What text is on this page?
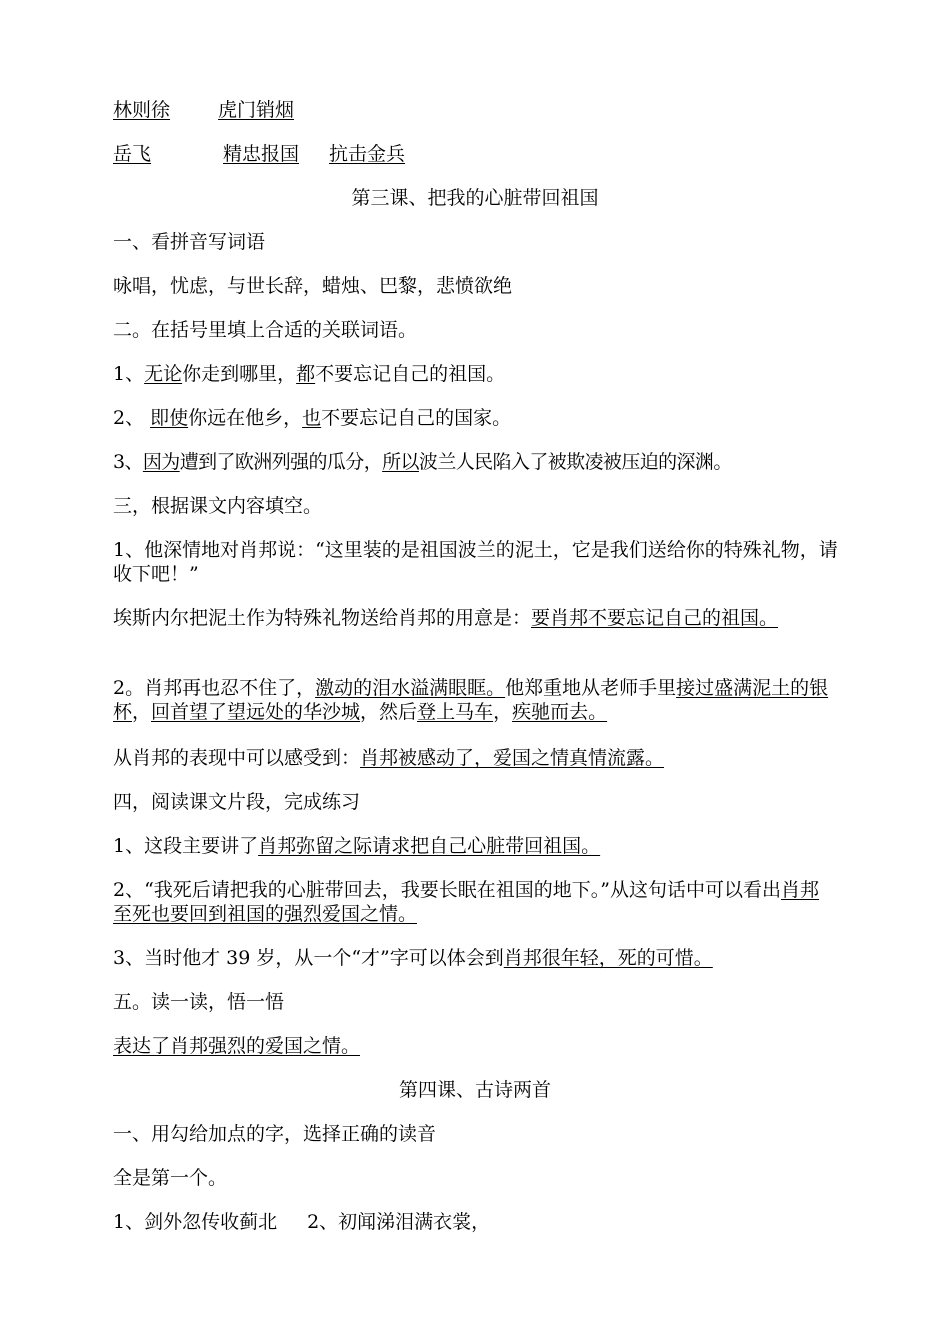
林则徐	虎门销烟
岳飞	精忠报国 抗击金兵
第三课、把我的心脏带回祖国
一、看拼音写词语
咏唱，忧虑，与世长辞，蜡烛、巴黎，悲愤欲绝
二。在括号里填上合适的关联词语。
1、无论你走到哪里，都不要忘记自己的祖国。
2、 即使你远在他乡，也不要忘记自己的国家。
3、因为遭到了欧洲列强的瓜分，所以波兰人民陷入了被欺凌被压迫的深渊。
三，根据课文内容填空。
1、他深情地对肖邦说：“这里装的是祖国波兰的泥土，它是我们送给你的特殊礼物，请收下吧！”
埃斯内尔把泥土作为特殊礼物送给肖邦的用意是：要肖邦不要忘记自己的祖国。
2。肖邦再也忍不住了，激动的泪水溢满眼眶。他郑重地从老师手里接过盛满泥土的银杯，回首望了望远处的华沙城，然后登上马车，疾驰而去。
从肖邦的表现中可以感受到：肖邦被感动了，爱国之情真情流露。
四，阅读课文片段，完成练习
1、这段主要讲了肖邦弥留之际请求把自己心脏带回祖国。
2、“我死后请把我的心脏带回去，我要长眠在祖国的地下。”从这句话中可以看出肖邦至死也要回到祖国的强烈爱国之情。
3、当时他才 39 岁，从一个“才”字可以体会到肖邦很年轻，死的可惜。
五。读一读，悟一悟
表达了肖邦强烈的爱国之情。
第四课、古诗两首
一、用勾给加点的字，选择正确的读音
全是第一个。
1、剑外忽传收蓟北 2、初闻涕泪满衣裳，
